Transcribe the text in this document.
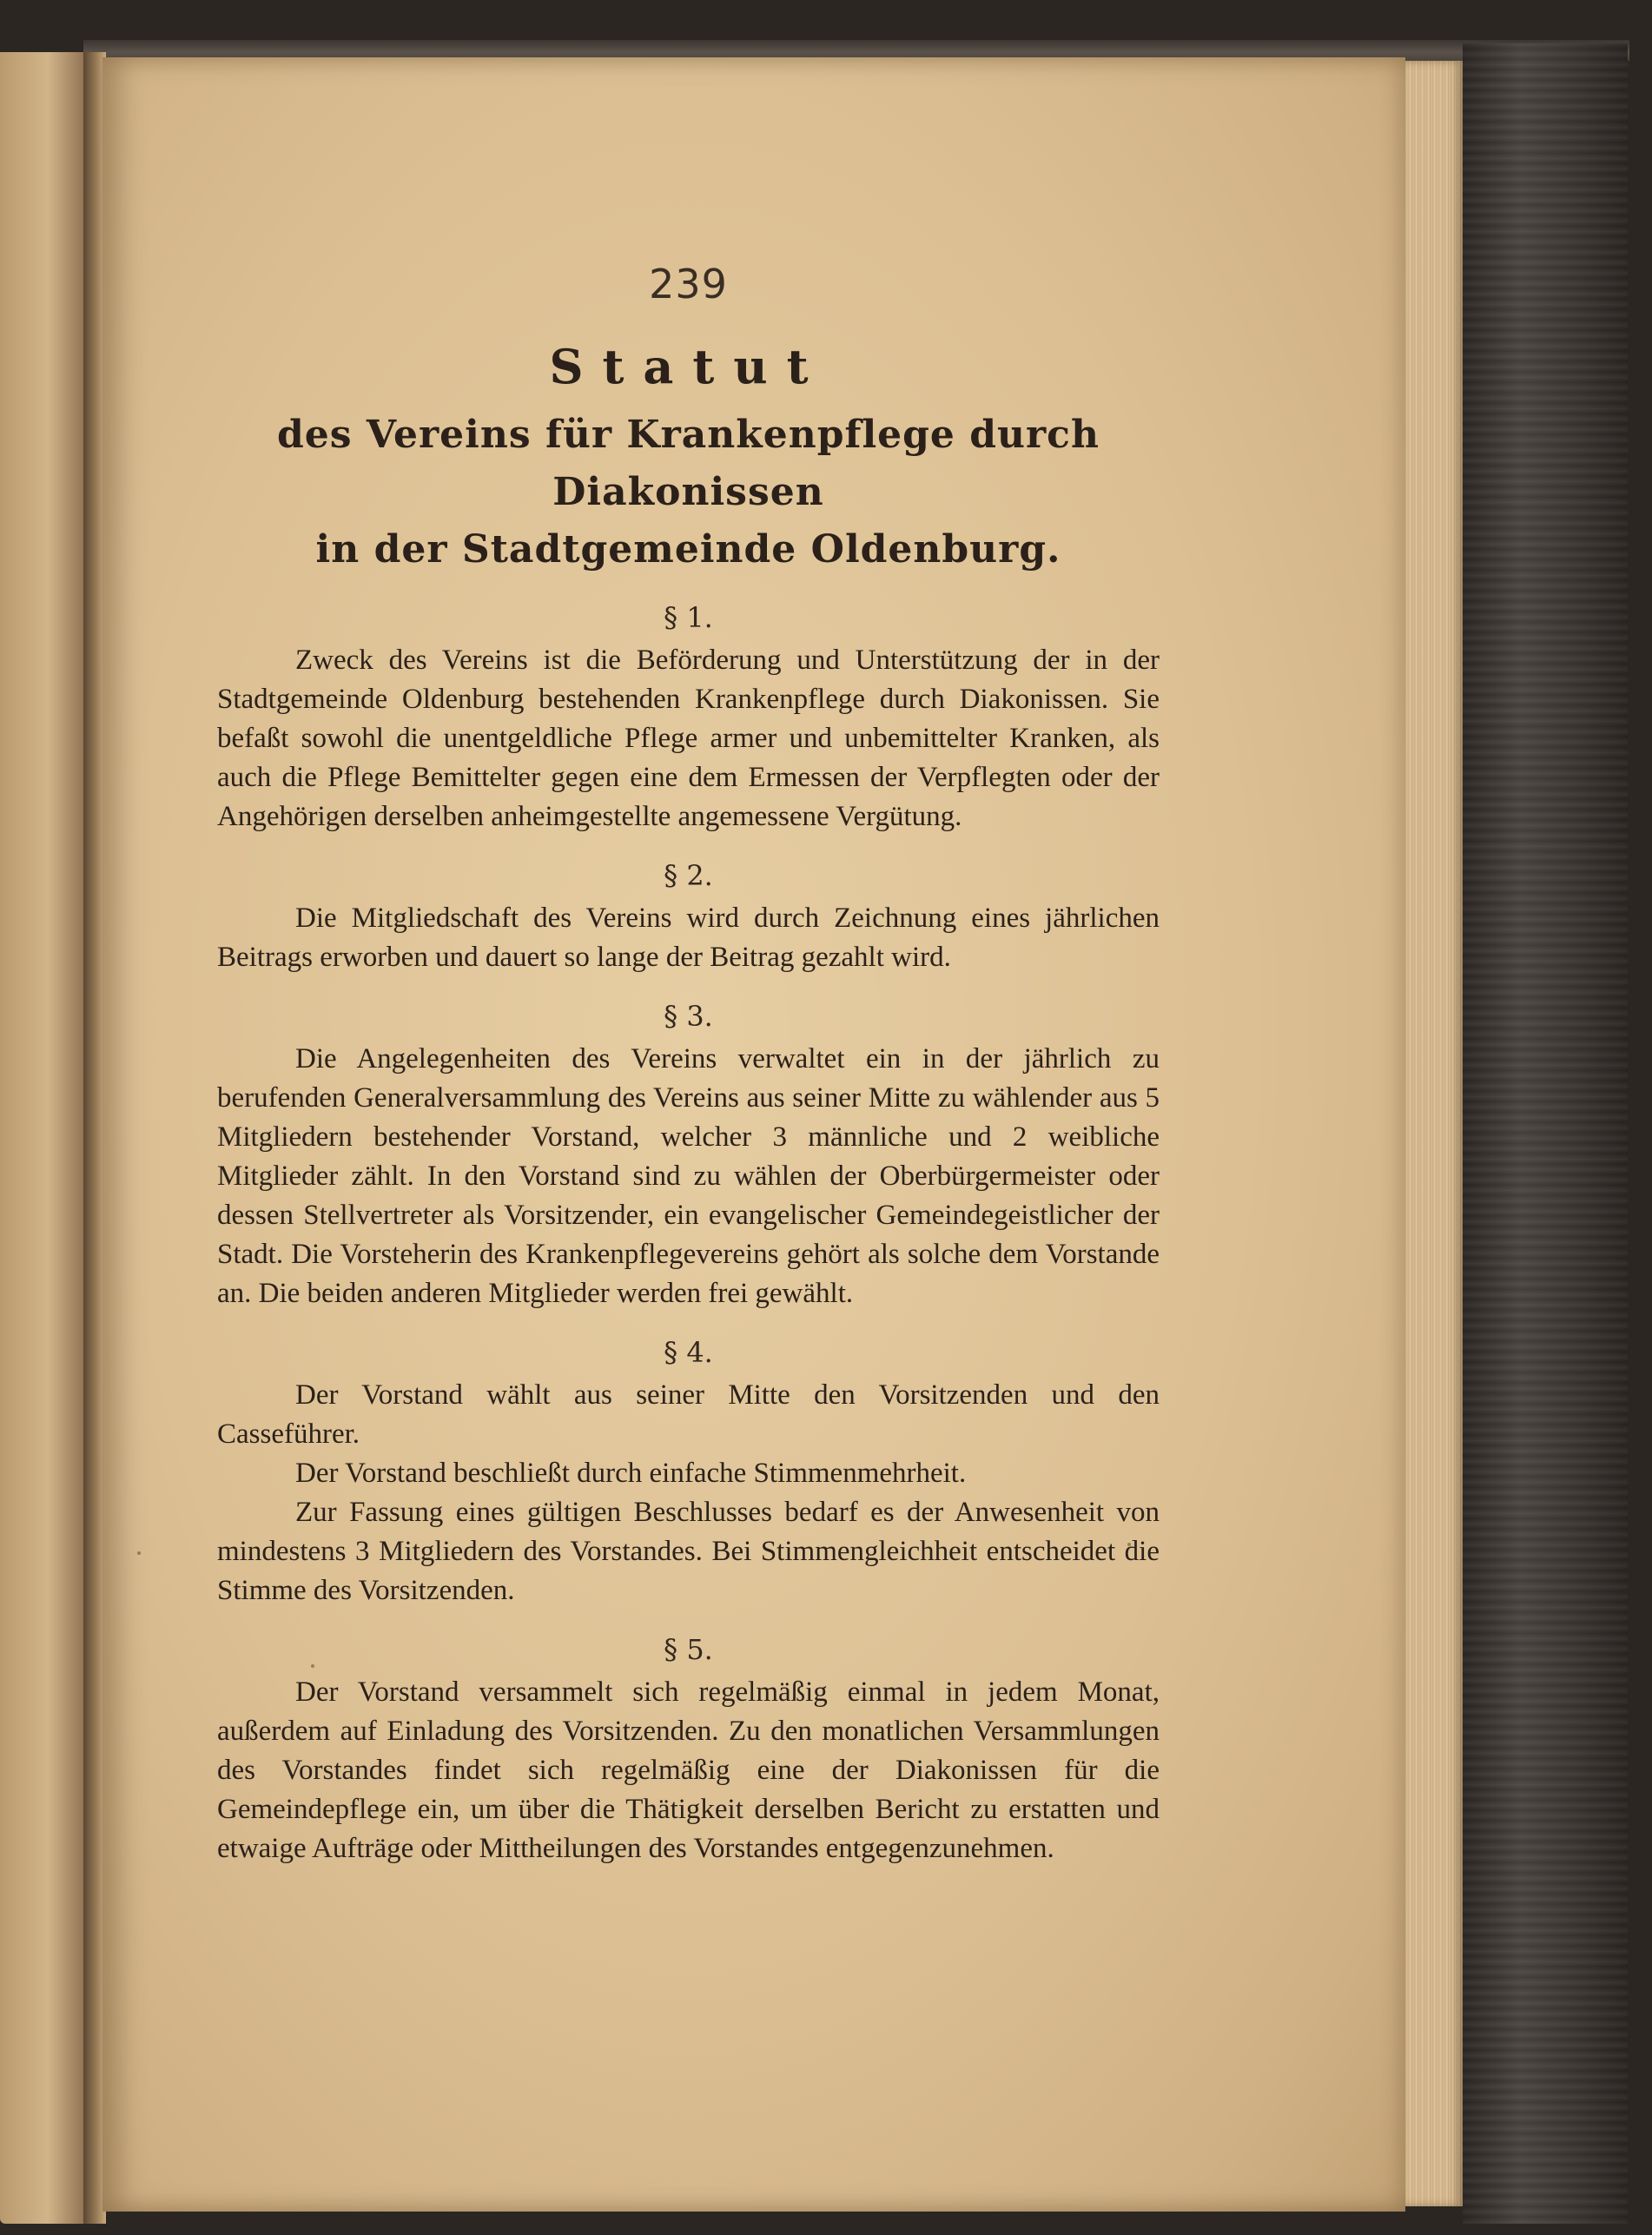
239
Statut
des Vereins für Krankenpflege durch Diakonissen
in der Stadtgemeinde Oldenburg.
§ 1.

Zweck des Vereins ist die Beförderung und Unterstützung der in der Stadtgemeinde Oldenburg bestehenden Krankenpflege durch Diakonissen. Sie befaßt sowohl die unentgeldliche Pflege armer und unbemittelter Kranken, als auch die Pflege Bemittelter gegen eine dem Ermessen der Verpflegten oder der Angehörigen derselben anheimgestellte angemessene Vergütung.

§ 2.

Die Mitgliedschaft des Vereins wird durch Zeichnung eines jährlichen Beitrags erworben und dauert so lange der Beitrag gezahlt wird.

§ 3.

Die Angelegenheiten des Vereins verwaltet ein in der jährlich zu berufenden Generalversammlung des Vereins aus seiner Mitte zu wählender aus 5 Mitgliedern bestehender Vorstand, welcher 3 männliche und 2 weibliche Mitglieder zählt. In den Vorstand sind zu wählen der Oberbürgermeister oder dessen Stellvertreter als Vorsitzender, ein evangelischer Gemeindegeistlicher der Stadt. Die Vorsteherin des Krankenpflegevereins gehört als solche dem Vorstande an. Die beiden anderen Mitglieder werden frei gewählt.

§ 4.

Der Vorstand wählt aus seiner Mitte den Vorsitzenden und den Casseführer.

Der Vorstand beschließt durch einfache Stimmenmehrheit.

Zur Fassung eines gültigen Beschlusses bedarf es der Anwesenheit von mindestens 3 Mitgliedern des Vorstandes. Bei Stimmengleichheit entscheidet die Stimme des Vorsitzenden.

§ 5.

Der Vorstand versammelt sich regelmäßig einmal in jedem Monat, außerdem auf Einladung des Vorsitzenden. Zu den monatlichen Versammlungen des Vorstandes findet sich regelmäßig eine der Diakonissen für die Gemeindepflege ein, um über die Thätigkeit derselben Bericht zu erstatten und etwaige Aufträge oder Mittheilungen des Vorstandes entgegenzunehmen.
